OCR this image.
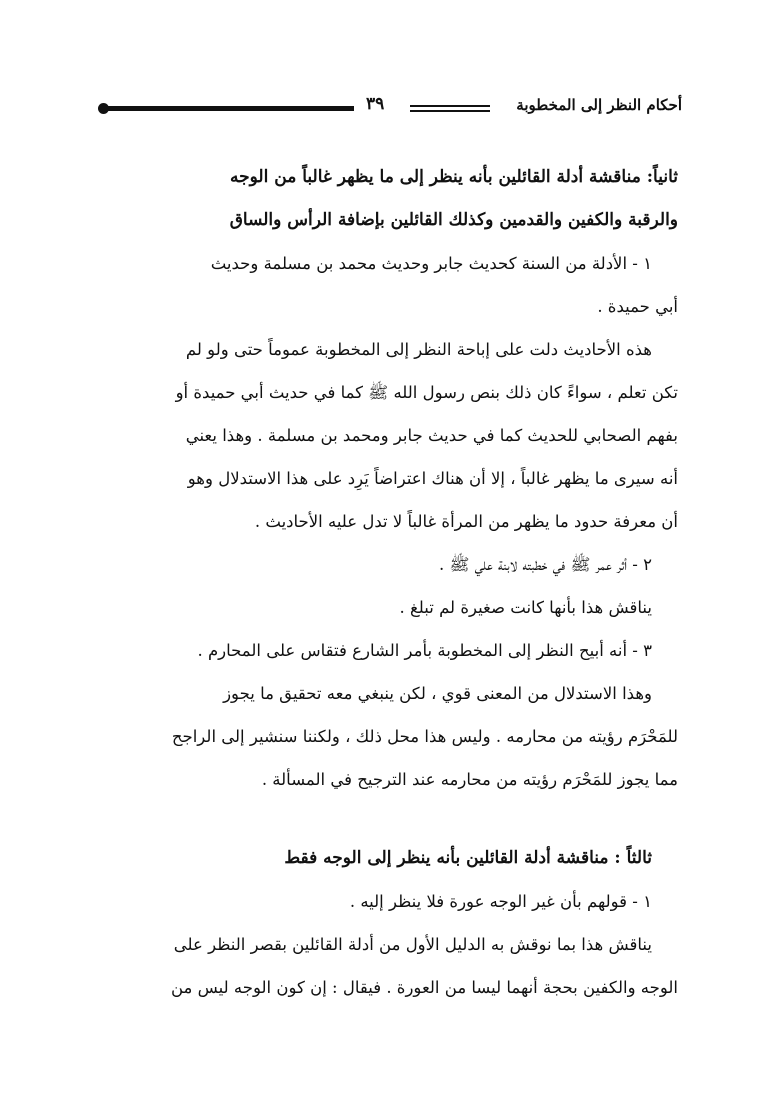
أحكام النظر إلى المخطوبة
٣٩
ثانياً: مناقشة أدلة القائلين بأنه ينظر إلى ما يظهر غالباً من الوجه
والرقبة والكفين والقدمين وكذلك القائلين بإضافة الرأس والساق
١ - الأدلة من السنة كحديث جابر وحديث محمد بن مسلمة وحديث
أبي حميدة .
هذه الأحاديث دلت على إباحة النظر إلى المخطوبة عموماً حتى ولو لم
تكن تعلم ، سواءً كان ذلك بنص رسول الله ﷺ كما في حديث أبي حميدة أو
بفهم الصحابي للحديث كما في حديث جابر ومحمد بن مسلمة . وهذا يعني
أنه سيرى ما يظهر غالباً ، إلا أن هناك اعتراضاً يَرِد على هذا الاستدلال وهو
أن معرفة حدود ما يظهر من المرأة غالباً لا تدل عليه الأحاديث .
٢ - أثر عمر ﷺ في خطبته لابنة علي ﷺ .
يناقش هذا بأنها كانت صغيرة لم تبلغ .
٣ - أنه أبيح النظر إلى المخطوبة بأمر الشارع فتقاس على المحارم .
وهذا الاستدلال من المعنى قوي ، لكن ينبغي معه تحقيق ما يجوز
للمَحْرَم رؤيته من محارمه . وليس هذا محل ذلك ، ولكننا سنشير إلى الراجح
مما يجوز للمَحْرَم رؤيته من محارمه عند الترجيح في المسألة .
ثالثاً : مناقشة أدلة القائلين بأنه ينظر إلى الوجه فقط
١ - قولهم بأن غير الوجه عورة فلا ينظر إليه .
يناقش هذا بما نوقش به الدليل الأول من أدلة القائلين بقصر النظر على
الوجه والكفين بحجة أنهما ليسا من العورة . فيقال : إن كون الوجه ليس من
